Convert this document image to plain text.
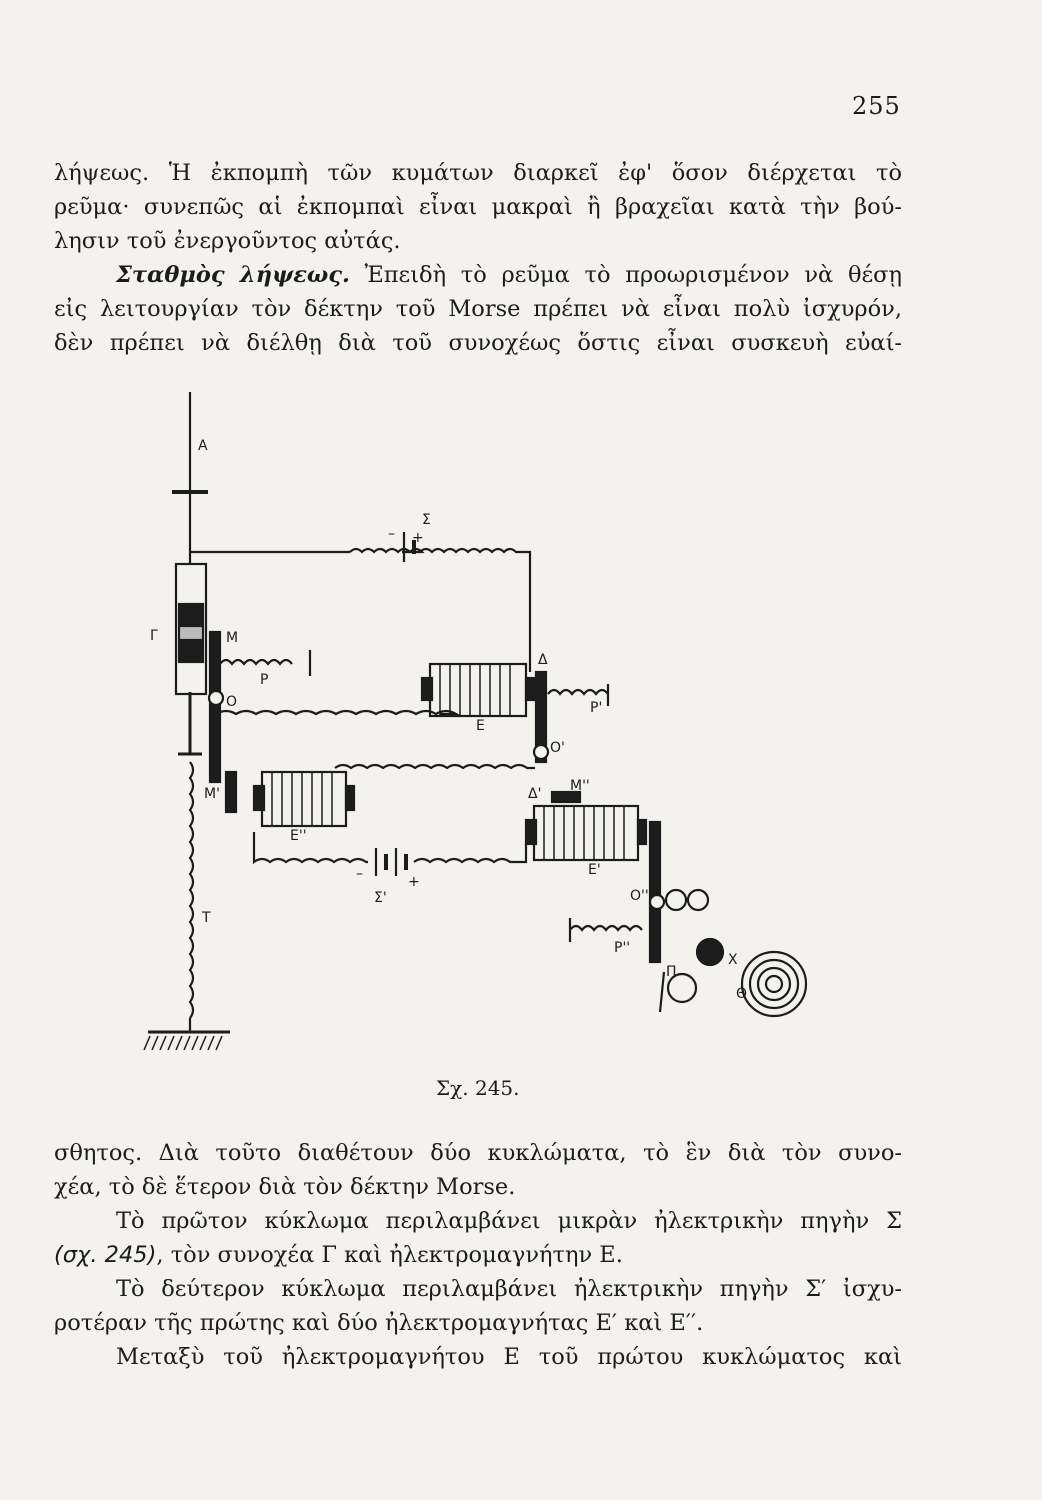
255

λήψεως. Ἡ ἐκπομπὴ τῶν κυμάτων διαρκεῖ ἐφ' ὅσον διέρχεται τὸ
ρεῦμα· συνεπῶς αἱ ἐκπομπαὶ εἶναι μακραὶ ἢ βραχεῖαι κατὰ τὴν βού-
λησιν τοῦ ἐνεργοῦντος αὐτάς.

Σταθμὸς λήψεως. Ἐπειδὴ τὸ ρεῦμα τὸ προωρισμένον νὰ θέσῃ
εἰς λειτουργίαν τὸν δέκτην τοῦ Morse πρέπει νὰ εἶναι πολὺ ἰσχυρόν,
δὲν πρέπει νὰ διέλθῃ διὰ τοῦ συνοχέως ὅστις εἶναι συσκευὴ εὐαί-

A
Σ
– +
Γ	M
P
O
Δ
E
P'
O'
M'
E''
Δ' M''
E'
Σ'
–	+
O''
T
P''
Π
X
Θ
Σχ. 245.

σθητος. Διὰ τοῦτο διαθέτουν δύο κυκλώματα, τὸ ἓν διὰ τὸν συνο-
χέα, τὸ δὲ ἕτερον διὰ τὸν δέκτην Morse.

Τὸ πρῶτον κύκλωμα περιλαμβάνει μικρὰν ἠλεκτρικὴν πηγὴν Σ
(σχ. 245), τὸν συνοχέα Γ καὶ ἠλεκτρομαγνήτην Ε.

Τὸ δεύτερον κύκλωμα περιλαμβάνει ἠλεκτρικὴν πηγὴν Σ′ ἰσχυ-
ροτέραν τῆς πρώτης καὶ δύο ἠλεκτρομαγνήτας Ε′ καὶ Ε′′.

Μεταξὺ τοῦ ἠλεκτρομαγνήτου Ε τοῦ πρώτου κυκλώματος καὶ
